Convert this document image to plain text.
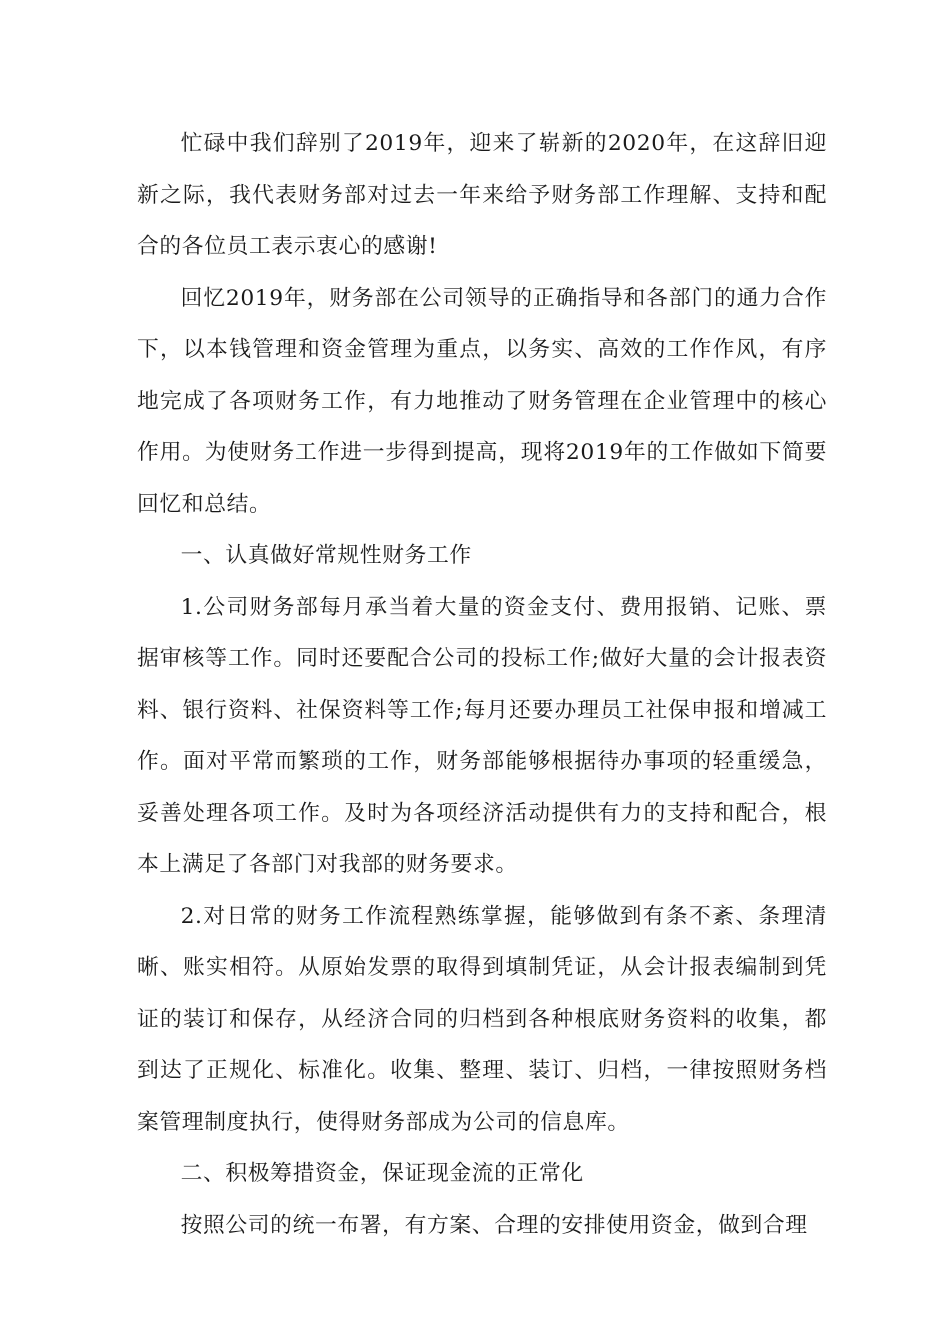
忙碌中我们辞别了2019年，迎来了崭新的2020年，在这辞旧迎新之际，我代表财务部对过去一年来给予财务部工作理解、支持和配合的各位员工表示衷心的感谢!

回忆2019年，财务部在公司领导的正确指导和各部门的通力合作下，以本钱管理和资金管理为重点，以务实、高效的工作作风，有序地完成了各项财务工作，有力地推动了财务管理在企业管理中的核心作用。为使财务工作进一步得到提高，现将2019年的工作做如下简要回忆和总结。

一、认真做好常规性财务工作

1.公司财务部每月承当着大量的资金支付、费用报销、记账、票据审核等工作。同时还要配合公司的投标工作;做好大量的会计报表资料、银行资料、社保资料等工作;每月还要办理员工社保申报和增减工作。面对平常而繁琐的工作，财务部能够根据待办事项的轻重缓急，妥善处理各项工作。及时为各项经济活动提供有力的支持和配合，根本上满足了各部门对我部的财务要求。

2.对日常的财务工作流程熟练掌握，能够做到有条不紊、条理清晰、账实相符。从原始发票的取得到填制凭证，从会计报表编制到凭证的装订和保存，从经济合同的归档到各种根底财务资料的收集，都到达了正规化、标准化。收集、整理、装订、归档，一律按照财务档案管理制度执行，使得财务部成为公司的信息库。

二、积极筹措资金，保证现金流的正常化

按照公司的统一布署，有方案、合理的安排使用资金，做到合理
